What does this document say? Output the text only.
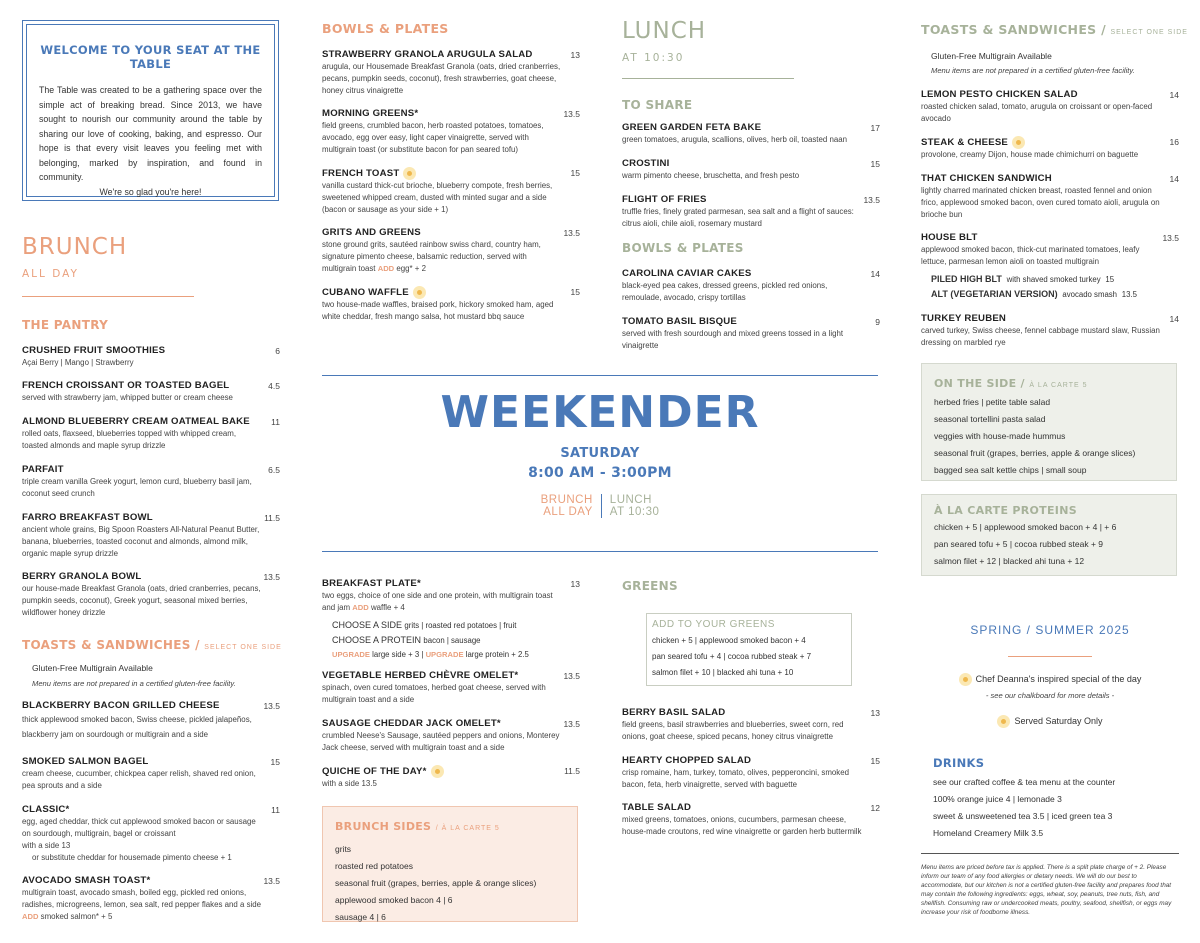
WELCOME TO YOUR SEAT AT THE TABLE
The Table was created to be a gathering space over the simple act of breaking bread. Since 2013, we have sought to nourish our community around the table by sharing our love of cooking, baking, and espresso. Our hope is that every visit leaves you feeling met with belonging, marked by inspiration, and found in community.
We're so glad you're here!
BRUNCH
ALL DAY
THE PANTRY
CRUSHED FRUIT SMOOTHIES	6
Açai Berry | Mango | Strawberry
FRENCH CROISSANT OR TOASTED BAGEL	4.5
served with strawberry jam, whipped butter or cream cheese
ALMOND BLUEBERRY CREAM OATMEAL BAKE	11
rolled oats, flaxseed, blueberries topped with whipped cream, toasted almonds and maple syrup drizzle
PARFAIT	6.5
triple cream vanilla Greek yogurt, lemon curd, blueberry basil jam, coconut seed crunch
FARRO BREAKFAST BOWL	11.5
ancient whole grains, Big Spoon Roasters All-Natural Peanut Butter, banana, blueberries, toasted coconut and almonds, almond milk, organic maple syrup drizzle
BERRY GRANOLA BOWL	13.5
our house-made Breakfast Granola (oats, dried cranberries, pecans, pumpkin seeds, coconut), Greek yogurt, seasonal mixed berries, wildflower honey drizzle
TOASTS & SANDWICHES / SELECT ONE SIDE
Gluten-Free Multigrain Available
Menu items are not prepared in a certified gluten-free facility.
BLACKBERRY BACON GRILLED CHEESE	13.5
thick applewood smoked bacon, Swiss cheese, pickled jalapeños, blackberry jam on sourdough or multigrain and a side
SMOKED SALMON BAGEL	15
cream cheese, cucumber, chickpea caper relish, shaved red onion, pea sprouts and a side
CLASSIC*	11
egg, aged cheddar, thick cut applewood smoked bacon or sausage on sourdough, multigrain, bagel or croissant
with a side 13
or substitute cheddar for housemade pimento cheese + 1
AVOCADO SMASH TOAST*	13.5
multigrain toast, avocado smash, boiled egg, pickled red onions, radishes, microgreens, lemon, sea salt, red pepper flakes and a side ADD smoked salmon* + 5
BOWLS & PLATES
STRAWBERRY GRANOLA ARUGULA SALAD	13
arugula, our Housemade Breakfast Granola (oats, dried cranberries, pecans, pumpkin seeds, coconut), fresh strawberries, goat cheese, honey citrus vinaigrette
MORNING GREENS*	13.5
field greens, crumbled bacon, herb roasted potatoes, tomatoes, avocado, egg over easy, light caper vinaigrette, served with multigrain toast (or substitute bacon for pan seared tofu)
FRENCH TOAST	15
vanilla custard thick-cut brioche, blueberry compote, fresh berries, sweetened whipped cream, dusted with minted sugar and a side (bacon or sausage as your side + 1)
GRITS AND GREENS	13.5
stone ground grits, sautéed rainbow swiss chard, country ham, signature pimento cheese, balsamic reduction, served with multigrain toast ADD egg* + 2
CUBANO WAFFLE	15
two house-made waffles, braised pork, hickory smoked ham, aged white cheddar, fresh mango salsa, hot mustard bbq sauce
WEEKENDER
SATURDAY
8:00 AM - 3:00PM
BRUNCH
ALL DAY
LUNCH
AT 10:30
BREAKFAST PLATE*	13
two eggs, choice of one side and one protein, with multigrain toast and jam ADD waffle + 4
CHOOSE A SIDE grits | roasted red potatoes | fruit
CHOOSE A PROTEIN bacon | sausage
UPGRADE large side + 3 | UPGRADE large protein + 2.5
VEGETABLE HERBED CHÈVRE OMELET*	13.5
spinach, oven cured tomatoes, herbed goat cheese, served with multigrain toast and a side
SAUSAGE CHEDDAR JACK OMELET*	13.5
crumbled Neese's Sausage, sautéed peppers and onions, Monterey Jack cheese, served with multigrain toast and a side
QUICHE OF THE DAY*	11.5
with a side 13.5
BRUNCH SIDES / À LA CARTE 5
grits
roasted red potatoes
seasonal fruit (grapes, berries, apple & orange slices)
applewood smoked bacon 4 | 6
sausage 4 | 6
LUNCH
AT 10:30
TO SHARE
GREEN GARDEN FETA BAKE	17
green tomatoes, arugula, scallions, olives, herb oil, toasted naan
CROSTINI	15
warm pimento cheese, bruschetta, and fresh pesto
FLIGHT OF FRIES	13.5
truffle fries, finely grated parmesan, sea salt and a flight of sauces: citrus aioli, chile aioli, rosemary mustard
BOWLS & PLATES
CAROLINA CAVIAR CAKES	14
black-eyed pea cakes, dressed greens, pickled red onions, remoulade, avocado, crispy tortillas
TOMATO BASIL BISQUE	9
served with fresh sourdough and mixed greens tossed in a light vinaigrette
GREENS
ADD TO YOUR GREENS
chicken + 5 | applewood smoked bacon + 4
pan seared tofu + 4 | cocoa rubbed steak + 7
salmon filet + 10 | blacked ahi tuna + 10
BERRY BASIL SALAD	13
field greens, basil strawberries and blueberries, sweet corn, red onions, goat cheese, spiced pecans, honey citrus vinaigrette
HEARTY CHOPPED SALAD	15
crisp romaine, ham, turkey, tomato, olives, pepperoncini, smoked bacon, feta, herb vinaigrette, served with baguette
TABLE SALAD	12
mixed greens, tomatoes, onions, cucumbers, parmesan cheese, house-made croutons, red wine vinaigrette or garden herb buttermilk
TOASTS & SANDWICHES / SELECT ONE SIDE
Gluten-Free Multigrain Available
Menu items are not prepared in a certified gluten-free facility.
LEMON PESTO CHICKEN SALAD	14
roasted chicken salad, tomato, arugula on croissant or open-faced avocado
STEAK & CHEESE	16
provolone, creamy Dijon, house made chimichurri on baguette
THAT CHICKEN SANDWICH	14
lightly charred marinated chicken breast, roasted fennel and onion frico, applewood smoked bacon, oven cured tomato aioli, arugula on brioche bun
HOUSE BLT	13.5
applewood smoked bacon, thick-cut marinated tomatoes, leafy lettuce, parmesan lemon aioli on toasted multigrain
PILED HIGH BLT with shaved smoked turkey 15
ALT (VEGETARIAN VERSION) avocado smash 13.5
TURKEY REUBEN	14
carved turkey, Swiss cheese, fennel cabbage mustard slaw, Russian dressing on marbled rye
ON THE SIDE / À LA CARTE 5
herbed fries | petite table salad
seasonal tortellini pasta salad
veggies with house-made hummus
seasonal fruit (grapes, berries, apple & orange slices)
bagged sea salt kettle chips | small soup
À LA CARTE PROTEINS
chicken + 5 | applewood smoked bacon + 4 | + 6
pan seared tofu + 5 | cocoa rubbed steak + 9
salmon filet + 12 | blacked ahi tuna + 12
SPRING / SUMMER 2025
Chef Deanna's inspired special of the day
- see our chalkboard for more details -
Served Saturday Only
DRINKS
see our crafted coffee & tea menu at the counter
100% orange juice 4 | lemonade 3
sweet & unsweetened tea 3.5 | iced green tea 3
Homeland Creamery Milk 3.5
Menu items are priced before tax is applied. There is a split plate charge of + 2. Please inform our team of any food allergies or dietary needs. We will do our best to accommodate, but our kitchen is not a certified gluten-free facility and prepares food that may contain the following ingredients: eggs, wheat, soy, peanuts, tree nuts, fish, and shellfish. Consuming raw or undercooked meats, poultry, seafood, shellfish, or eggs may increase your risk of foodborne illness.
